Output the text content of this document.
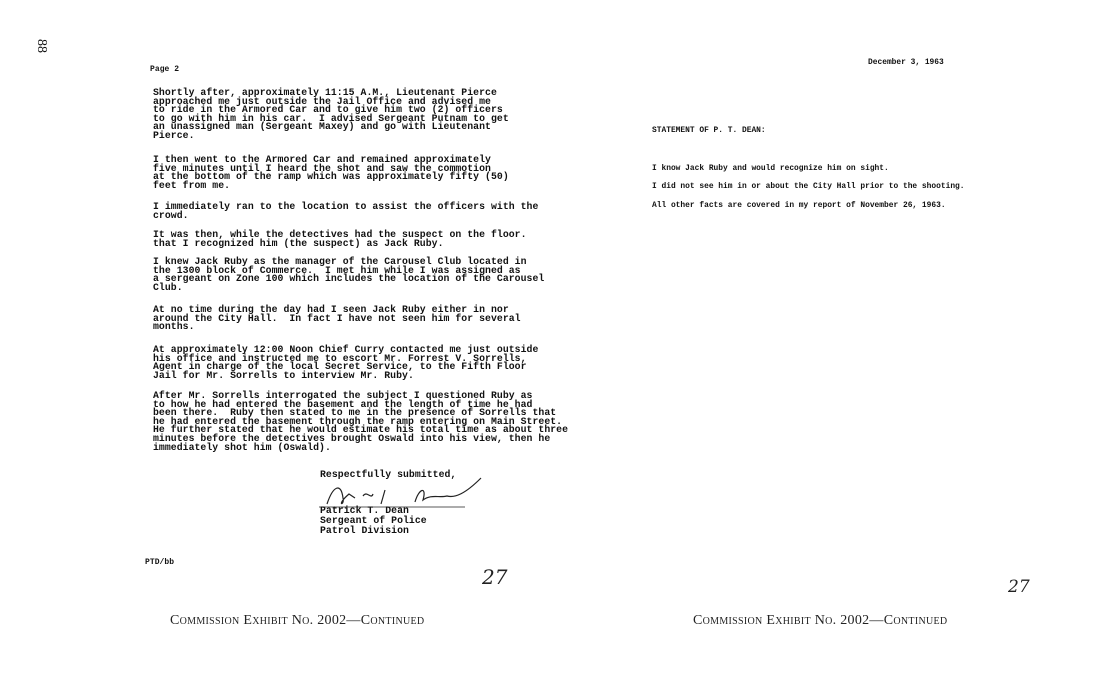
88
Page 2
Shortly after, approximately 11:15 A.M., Lieutenant Pierce
approached me just outside the Jail Office and advised me
to ride in the Armored Car and to give him two (2) officers
to go with him in his car.  I advised Sergeant Putnam to get
an unassigned man (Sergeant Maxey) and go with Lieutenant
Pierce.
I then went to the Armored Car and remained approximately
five minutes until I heard the shot and saw the commotion
at the bottom of the ramp which was approximately fifty (50)
feet from me.
I immediately ran to the location to assist the officers with the
crowd.
It was then, while the detectives had the suspect on the floor.
that I recognized him (the suspect) as Jack Ruby.
I knew Jack Ruby as the manager of the Carousel Club located in
the 1300 block of Commerce.  I met him while I was assigned as
a sergeant on Zone 100 which includes the location of the Carousel
Club.
At no time during the day had I seen Jack Ruby either in nor
around the City Hall.  In fact I have not seen him for several
months.
At approximately 12:00 Noon Chief Curry contacted me just outside
his office and instructed me to escort Mr. Forrest V. Sorrells,
Agent in charge of the local Secret Service, to the Fifth Floor
Jail for Mr. Sorrells to interview Mr. Ruby.
After Mr. Sorrells interrogated the subject I questioned Ruby as
to how he had entered the basement and the length of time he had
been there.  Ruby then stated to me in the presence of Sorrells that
he had entered the basement through the ramp entering on Main Street.
He further stated that he would estimate his total time as about three
minutes before the detectives brought Oswald into his view, then he
immediately shot him (Oswald).
Respectfully submitted,
Patrick T. Dean
Sergeant of Police
Patrol Division
PTD/bb
27
Commission Exhibit No. 2002—Continued
December 3, 1963
STATEMENT OF P. T. DEAN:
I know Jack Ruby and would recognize him on sight.
I did not see him in or about the City Hall prior to the shooting.
All other facts are covered in my report of November 26, 1963.
27
Commission Exhibit No. 2002—Continued
